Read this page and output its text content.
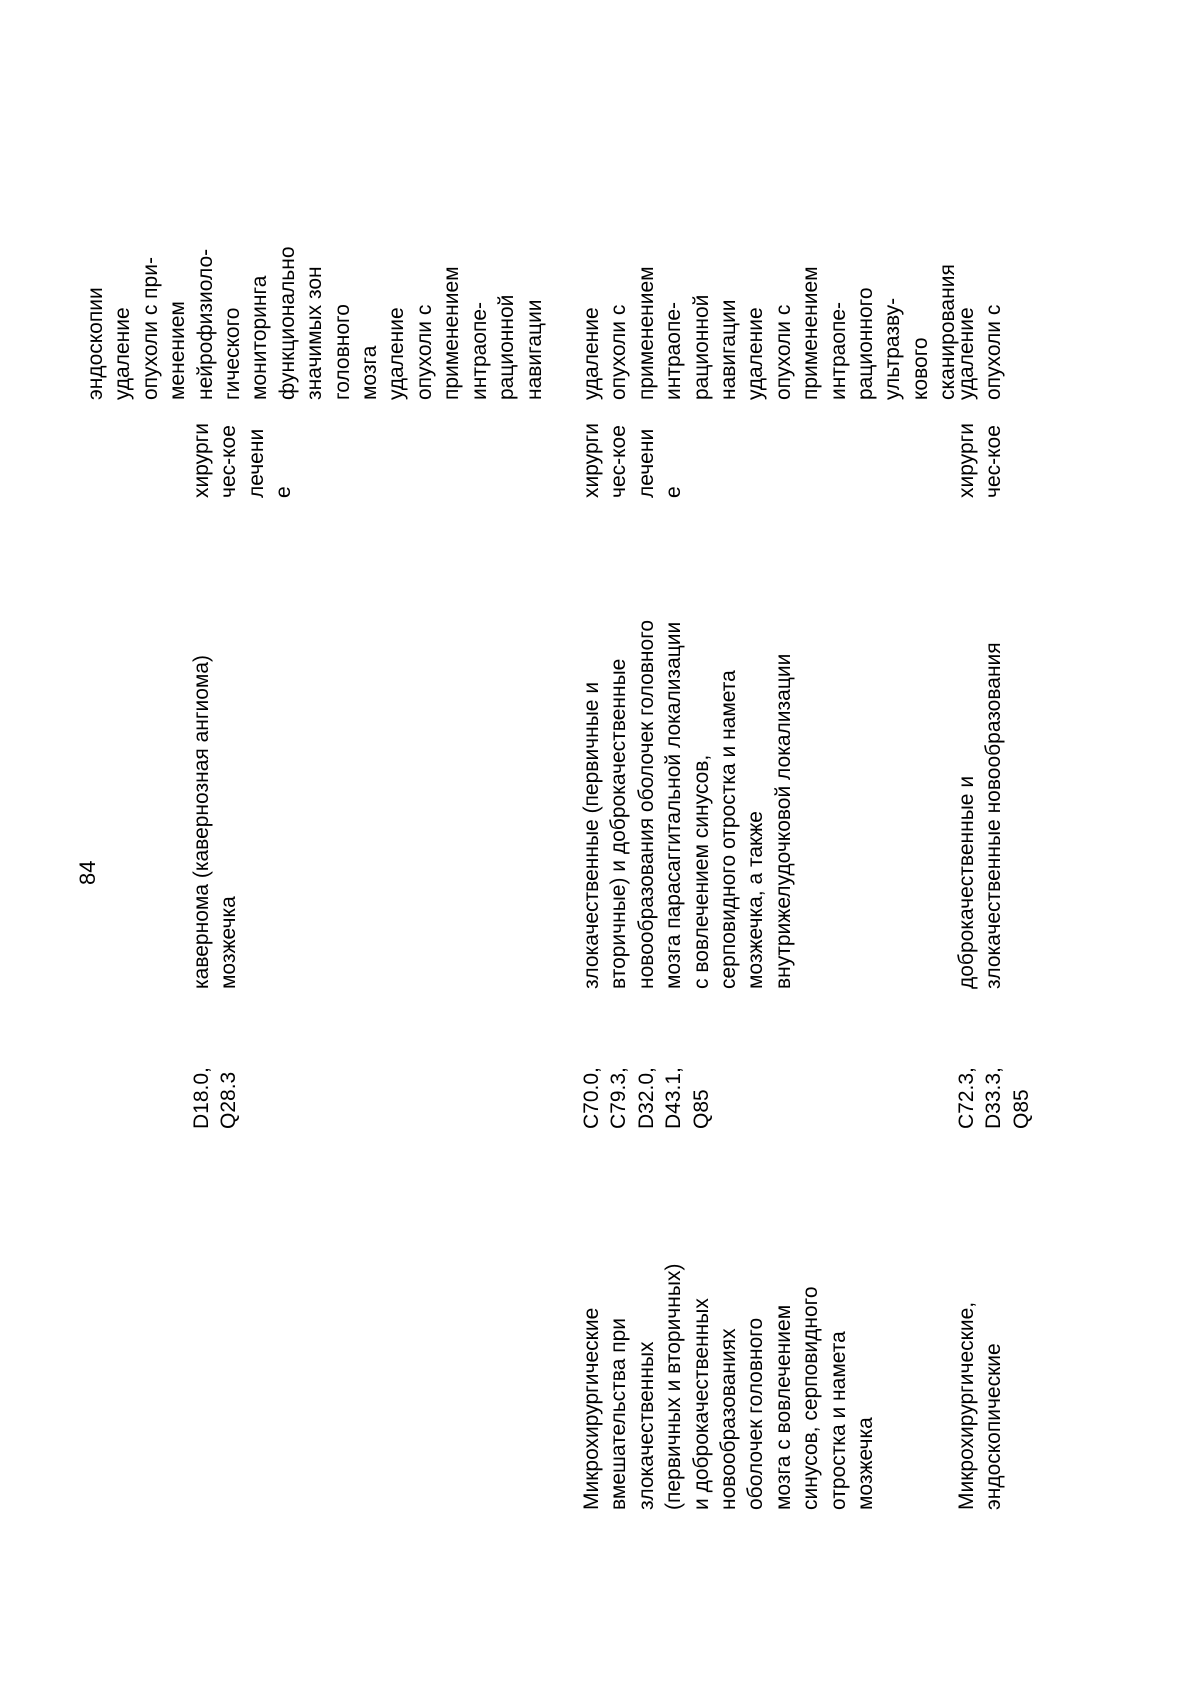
84

D18.0, Q28.3

кавернома (кавернозная ангиома)
мозжечка

хирурги
чес-кое
лечени
е

эндоскопии
удаление
опухоли с при-
менением
нейрофизиоло-
гического
мониторинга
функционально
значимых зон
головного мозга
удаление
опухоли с
применением
интраопе-
рационной
навигации

Микрохирургические
вмешательства при
злокачественных
(первичных и вторичных)
и доброкачественных
новообразованиях
оболочек головного
мозга с вовлечением
синусов, серповидного
отростка и намета
мозжечка

C70.0, C79.3,
D32.0, D43.1,
Q85

злокачественные (первичные и
вторичные) и доброкачественные
новообразования оболочек головного
мозга парасаггитальной локализации
с вовлечением синусов,
серповидного отростка и намета
мозжечка, а также
внутрижелудочковой локализации

хирурги
чес-кое
лечени
е

удаление
опухоли с
применением
интраопе-
рационной
навигации
удаление
опухоли с
применением
интраопе-
рационного
ультразву-кового
сканирования

Микрохирургические,
эндоскопические

C72.3, D33.3,
Q85

доброкачественные и
злокачественные новообразования

хирурги
чес-кое

удаление
опухоли с
